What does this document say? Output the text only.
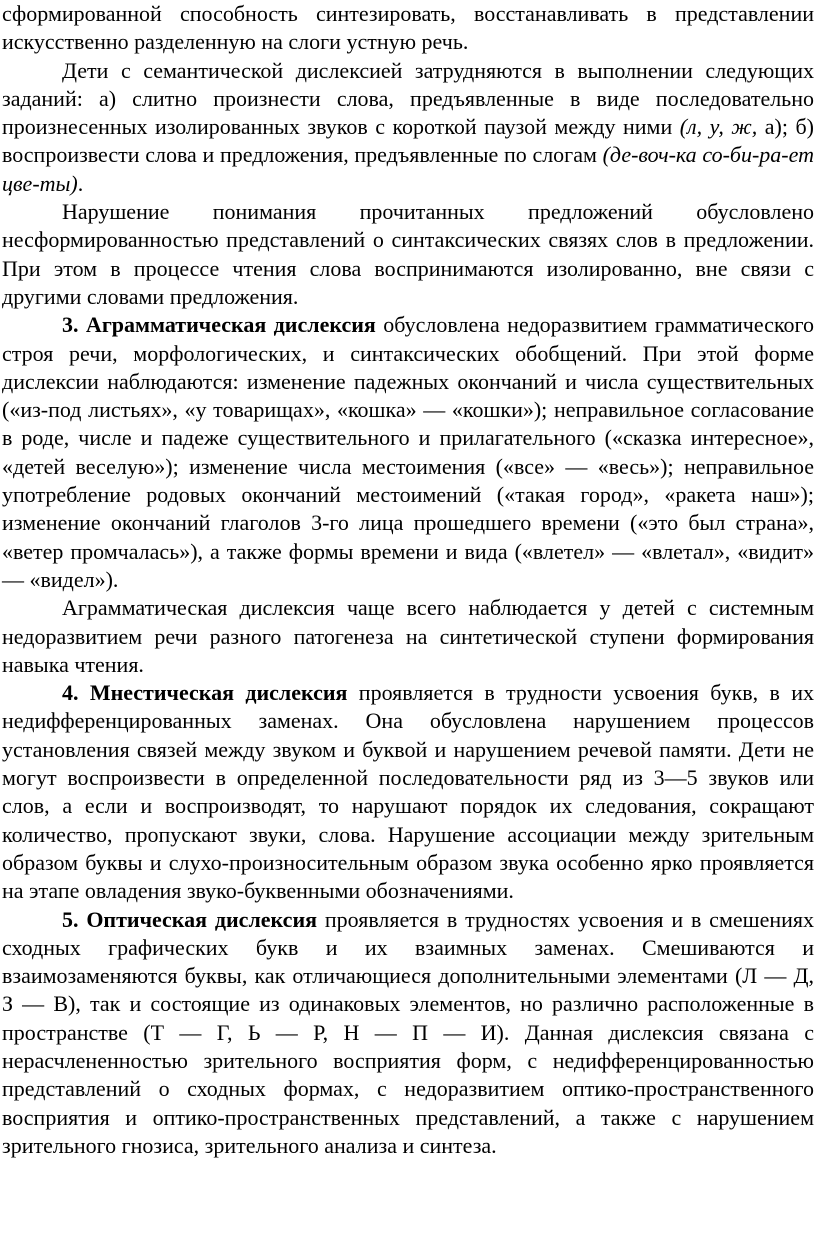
сформированной способность синтезировать, восстанавливать в представлении искусственно разделенную на слоги устную речь.

Дети с семантической дислексией затрудняются в выполнении следующих заданий: а) слитно произнести слова, предъявленные в виде последовательно произнесенных изолированных звуков с короткой паузой между ними (л, у, ж, а); б) воспроизвести слова и предложения, предъявленные по слогам (де-воч-ка со-би-ра-ет цве-ты).

Нарушение понимания прочитанных предложений обусловлено несформированностью представлений о синтаксических связях слов в предложении. При этом в процессе чтения слова воспринимаются изолированно, вне связи с другими словами предложения.

3. Аграмматическая дислексия обусловлена недоразвитием грамматического строя речи, морфологических, и синтаксических обобщений. При этой форме дислексии наблюдаются: изменение падежных окончаний и числа существительных («из-под листьях», «у товарищах», «кошка» — «кошки»); неправильное согласование в роде, числе и падеже существительного и прилагательного («сказка интересное», «детей веселую»); изменение числа местоимения («все» — «весь»); неправильное употребление родовых окончаний местоимений («такая город», «ракета наш»); изменение окончаний глаголов 3-го лица прошедшего времени («это был страна», «ветер промчалась»), а также формы времени и вида («влетел» — «влетал», «видит» — «видел»).

Аграмматическая дислексия чаще всего наблюдается у детей с системным недоразвитием речи разного патогенеза на синтетической ступени формирования навыка чтения.

4. Мнестическая дислексия проявляется в трудности усвоения букв, в их недифференцированных заменах. Она обусловлена нарушением процессов установления связей между звуком и буквой и нарушением речевой памяти. Дети не могут воспроизвести в определенной последовательности ряд из 3—5 звуков или слов, а если и воспроизводят, то нарушают порядок их следования, сокращают количество, пропускают звуки, слова. Нарушение ассоциации между зрительным образом буквы и слухо-произносительным образом звука особенно ярко проявляется на этапе овладения звуко-буквенными обозначениями.

5. Оптическая дислексия проявляется в трудностях усвоения и в смешениях сходных графических букв и их взаимных заменах. Смешиваются и взаимозаменяются буквы, как отличающиеся дополнительными элементами (Л — Д, З — В), так и состоящие из одинаковых элементов, но различно расположенные в пространстве (Т — Г, Ь — Р, Н — П — И). Данная дислексия связана с нерасчлененностью зрительного восприятия форм, с недифференцированностью представлений о сходных формах, с недоразвитием оптико-пространственного восприятия и оптико-пространственных представлений, а также с нарушением зрительного гнозиса, зрительного анализа и синтеза.
